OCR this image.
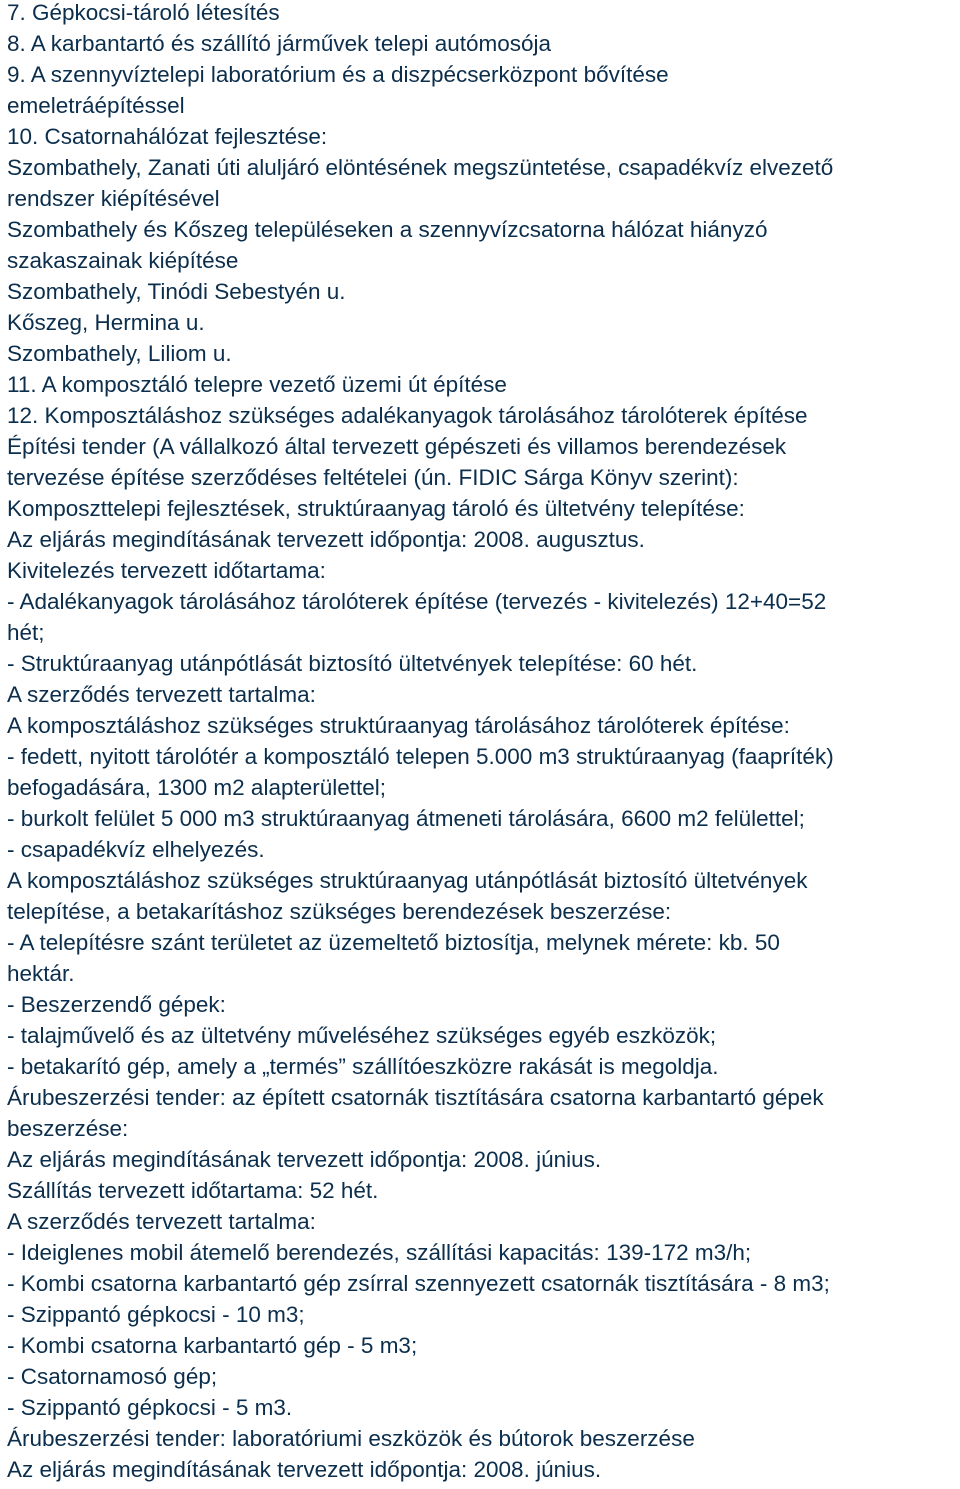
7. Gépkocsi-tároló létesítés
8. A karbantartó és szállító járművek telepi autómosója
9. A szennyvíztelepi laboratórium és a diszpécserközpont bővítése
emeletráépítéssel
10. Csatornahálózat fejlesztése:
Szombathely, Zanati úti aluljáró elöntésének megszüntetése, csapadékvíz elvezető
rendszer kiépítésével
Szombathely és Kőszeg településeken a szennyvízcsatorna hálózat hiányzó
szakaszainak kiépítése
Szombathely, Tinódi Sebestyén u.
Kőszeg, Hermina u.
Szombathely, Liliom u.
11. A komposztáló telepre vezető üzemi út építése
12. Komposztáláshoz szükséges adalékanyagok tárolásához tárolóterek építése
Építési tender (A vállalkozó által tervezett gépészeti és villamos berendezések
tervezése építése szerződéses feltételei (ún. FIDIC Sárga Könyv szerint):
Komposzttelepi fejlesztések, struktúraanyag tároló és ültetvény telepítése:
Az eljárás megindításának tervezett időpontja: 2008. augusztus.
Kivitelezés tervezett időtartama:
- Adalékanyagok tárolásához tárolóterek építése (tervezés - kivitelezés) 12+40=52
hét;
- Struktúraanyag utánpótlását biztosító ültetvények telepítése: 60 hét.
A szerződés tervezett tartalma:
A komposztáláshoz szükséges struktúraanyag tárolásához tárolóterek építése:
- fedett, nyitott tárolótér a komposztáló telepen 5.000 m3 struktúraanyag (faapríték)
befogadására, 1300 m2 alapterülettel;
- burkolt felület 5 000 m3 struktúraanyag átmeneti tárolására, 6600 m2 felülettel;
- csapadékvíz elhelyezés.
A komposztáláshoz szükséges struktúraanyag utánpótlását biztosító ültetvények
telepítése, a betakarításhoz szükséges berendezések beszerzése:
- A telepítésre szánt területet az üzemeltető biztosítja, melynek mérete: kb. 50
hektár.
- Beszerzendő gépek:
- talajművelő és az ültetvény műveléséhez szükséges egyéb eszközök;
- betakarító gép, amely a „termés” szállítóeszközre rakását is megoldja.
Árubeszerzési tender: az épített csatornák tisztítására csatorna karbantartó gépek
beszerzése:
Az eljárás megindításának tervezett időpontja: 2008. június.
Szállítás tervezett időtartama: 52 hét.
A szerződés tervezett tartalma:
- Ideiglenes mobil átemelő berendezés, szállítási kapacitás: 139-172 m3/h;
- Kombi csatorna karbantartó gép zsírral szennyezett csatornák tisztítására - 8 m3;
- Szippantó gépkocsi - 10 m3;
- Kombi csatorna karbantartó gép - 5 m3;
- Csatornamosó gép;
- Szippantó gépkocsi - 5 m3.
Árubeszerzési tender: laboratóriumi eszközök és bútorok beszerzése
Az eljárás megindításának tervezett időpontja: 2008. június.
